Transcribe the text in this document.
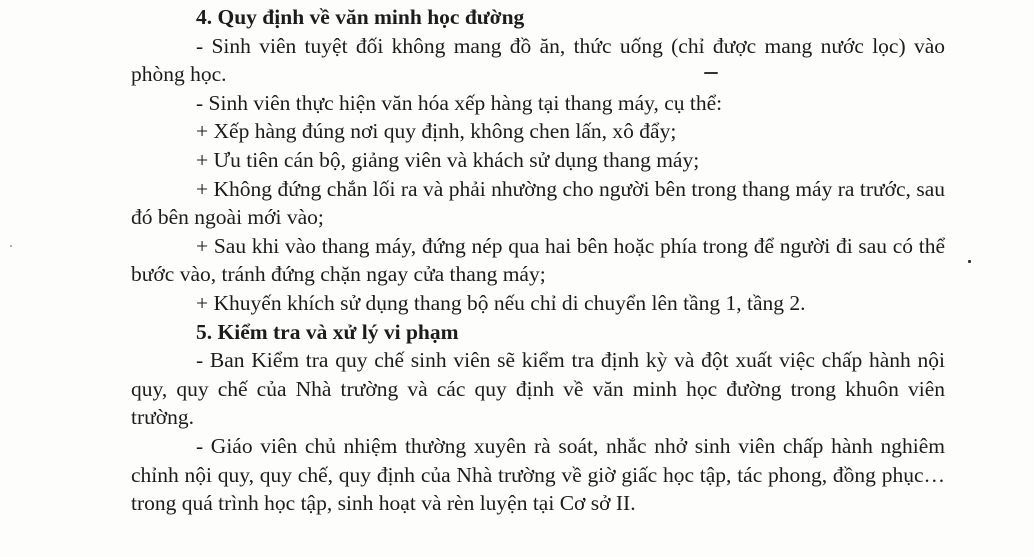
4. Quy định về văn minh học đường

- Sinh viên tuyệt đối không mang đồ ăn, thức uống (chỉ được mang nước lọc) vào phòng học.

- Sinh viên thực hiện văn hóa xếp hàng tại thang máy, cụ thể:

+ Xếp hàng đúng nơi quy định, không chen lấn, xô đẩy;

+ Ưu tiên cán bộ, giảng viên và khách sử dụng thang máy;

+ Không đứng chắn lối ra và phải nhường cho người bên trong thang máy ra trước, sau đó bên ngoài mới vào;

+ Sau khi vào thang máy, đứng nép qua hai bên hoặc phía trong để người đi sau có thể bước vào, tránh đứng chặn ngay cửa thang máy;

+ Khuyến khích sử dụng thang bộ nếu chỉ di chuyển lên tầng 1, tầng 2.

5. Kiểm tra và xử lý vi phạm

- Ban Kiểm tra quy chế sinh viên sẽ kiểm tra định kỳ và đột xuất việc chấp hành nội quy, quy chế của Nhà trường và các quy định về văn minh học đường trong khuôn viên trường.

- Giáo viên chủ nhiệm thường xuyên rà soát, nhắc nhở sinh viên chấp hành nghiêm chỉnh nội quy, quy chế, quy định của Nhà trường về giờ giấc học tập, tác phong, đồng phục… trong quá trình học tập, sinh hoạt và rèn luyện tại Cơ sở II.
